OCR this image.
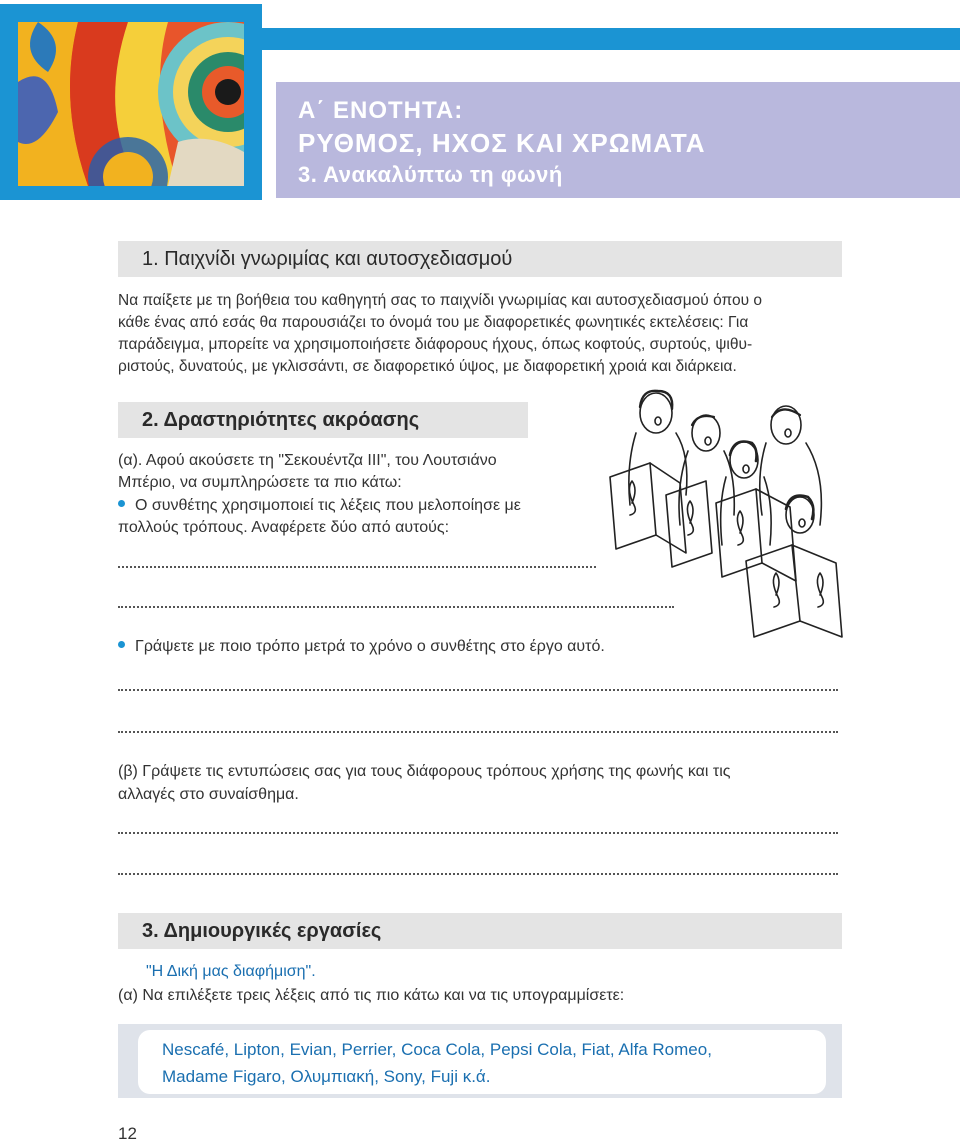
Α΄ ΕΝΟΤΗΤΑ:
ΡΥΘΜΟΣ, ΗΧΟΣ ΚΑΙ ΧΡΩΜΑΤΑ
3. Ανακαλύπτω τη φωνή
1. Παιχνίδι γνωριμίας και αυτοσχεδιασμού
Να παίξετε με τη βοήθεια του καθηγητή σας το παιχνίδι γνωριμίας και αυτοσχεδιασμού όπου ο
κάθε ένας από εσάς θα παρουσιάζει το όνομά του με διαφορετικές φωνητικές εκτελέσεις: Για
παράδειγμα, μπορείτε να χρησιμοποιήσετε διάφορους ήχους, όπως κοφτούς, συρτούς, ψιθυ-
ριστούς, δυνατούς, με γκλισσάντι, σε διαφορετικό ύψος, με διαφορετική χροιά και διάρκεια.
2. Δραστηριότητες ακρόασης
(α). Αφού ακούσετε τη "Σεκουέντζα ΙΙΙ", του Λουτσιάνο
Μπέριο, να συμπληρώσετε τα πιο κάτω:
Ο συνθέτης χρησιμοποιεί τις λέξεις που μελοποίησε με
πολλούς τρόπους. Αναφέρετε δύο από αυτούς:
Γράψετε με ποιο τρόπο μετρά το χρόνο ο συνθέτης στο έργο αυτό.
(β) Γράψετε τις εντυπώσεις σας για τους διάφορους τρόπους χρήσης της φωνής και τις
αλλαγές στο συναίσθημα.
3. Δημιουργικές εργασίες
"Η Δική μας διαφήμιση".
(α) Να επιλέξετε τρεις λέξεις από τις πιο κάτω και να τις υπογραμμίσετε:
Nescafé, Lipton, Evian, Perrier, Coca Cola, Pepsi Cola, Fiat, Alfa Romeo,
Madame Figaro, Ολυμπιακή, Sony, Fuji κ.ά.
12
